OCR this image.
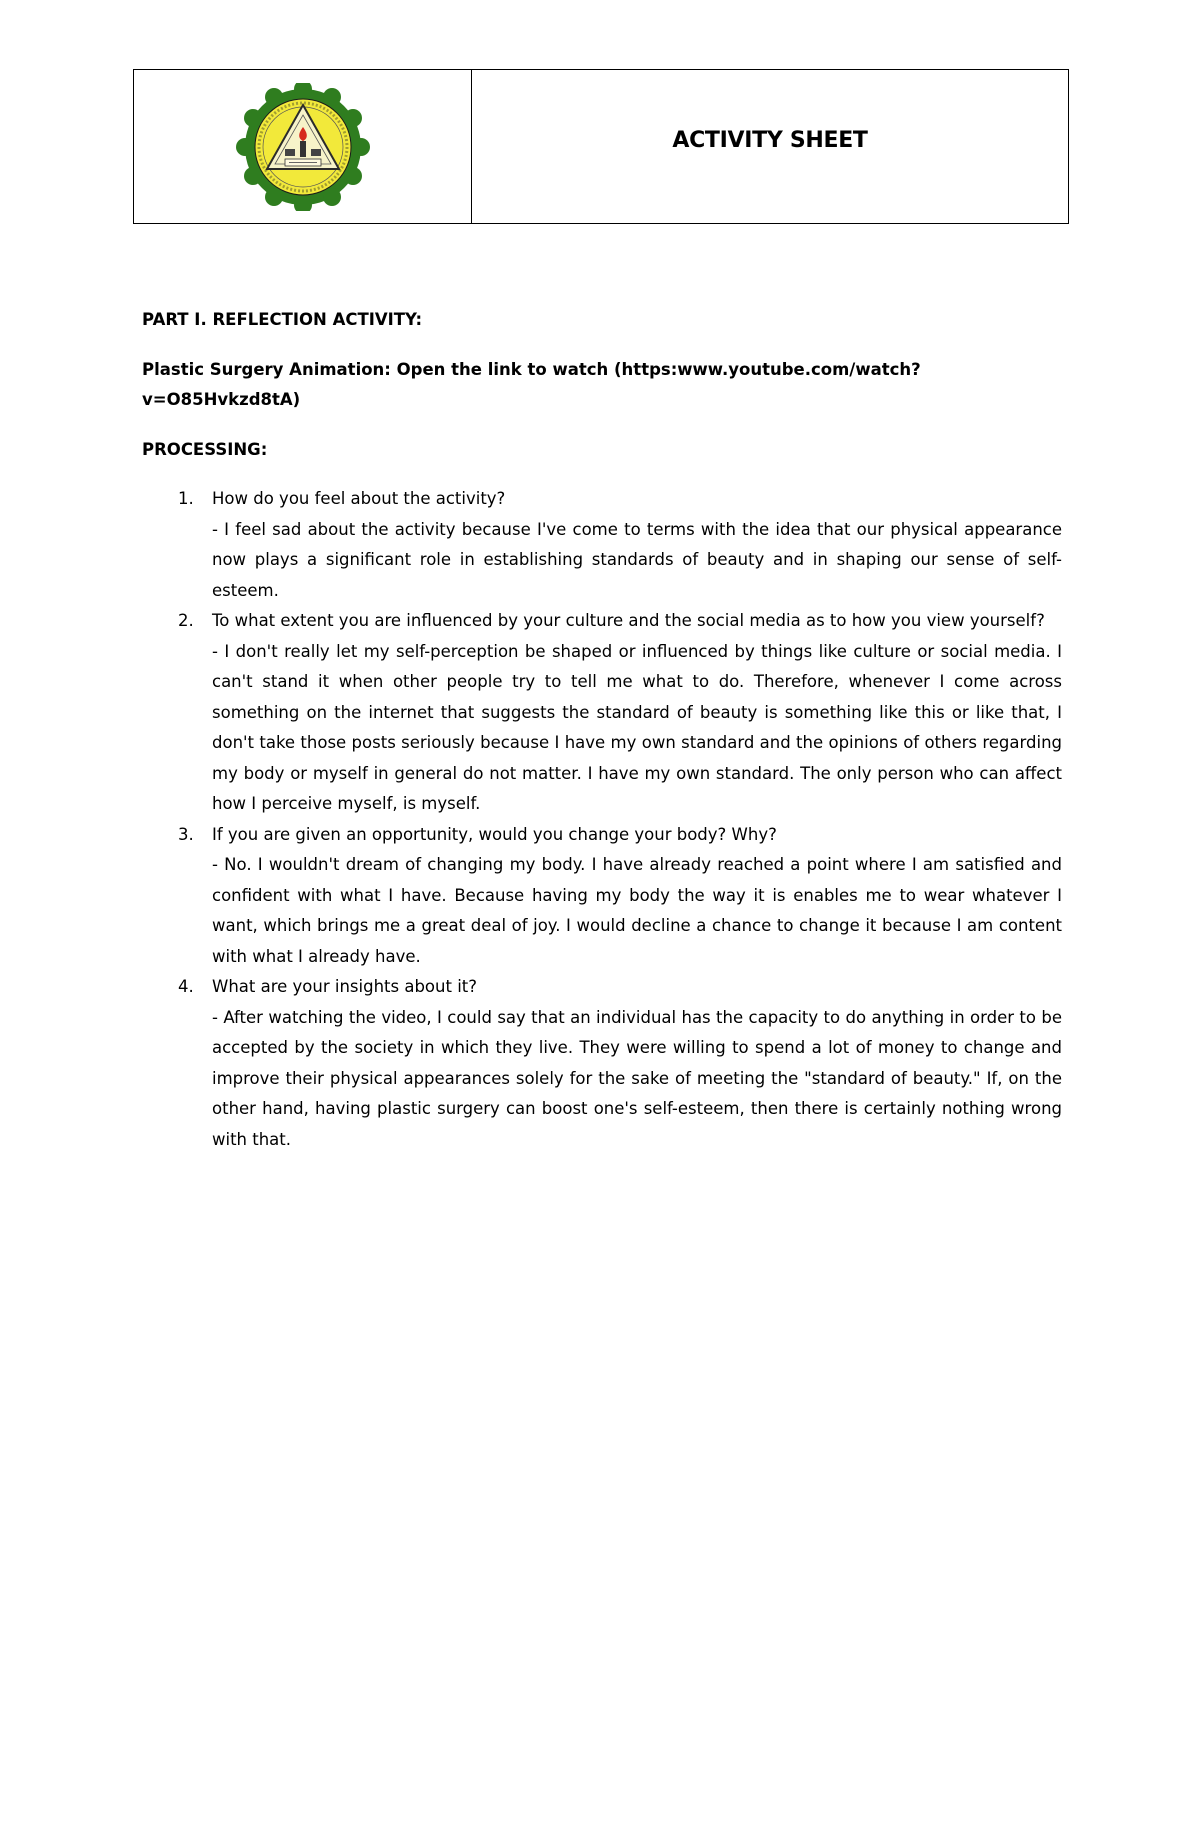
ACTIVITY SHEET

PART I. REFLECTION ACTIVITY:

Plastic Surgery Animation: Open the link to watch (https:www.youtube.com/watch?v=O85Hvkzd8tA)

PROCESSING:

1. How do you feel about the activity?
- I feel sad about the activity because I've come to terms with the idea that our physical appearance now plays a significant role in establishing standards of beauty and in shaping our sense of self-esteem.
2. To what extent you are influenced by your culture and the social media as to how you view yourself?
- I don't really let my self-perception be shaped or influenced by things like culture or social media. I can't stand it when other people try to tell me what to do. Therefore, whenever I come across something on the internet that suggests the standard of beauty is something like this or like that, I don't take those posts seriously because I have my own standard and the opinions of others regarding my body or myself in general do not matter. I have my own standard. The only person who can affect how I perceive myself, is myself.
3. If you are given an opportunity, would you change your body? Why?
- No. I wouldn't dream of changing my body. I have already reached a point where I am satisfied and confident with what I have. Because having my body the way it is enables me to wear whatever I want, which brings me a great deal of joy. I would decline a chance to change it because I am content with what I already have.
4. What are your insights about it?
- After watching the video, I could say that an individual has the capacity to do anything in order to be accepted by the society in which they live. They were willing to spend a lot of money to change and improve their physical appearances solely for the sake of meeting the "standard of beauty." If, on the other hand, having plastic surgery can boost one's self-esteem, then there is certainly nothing wrong with that.
